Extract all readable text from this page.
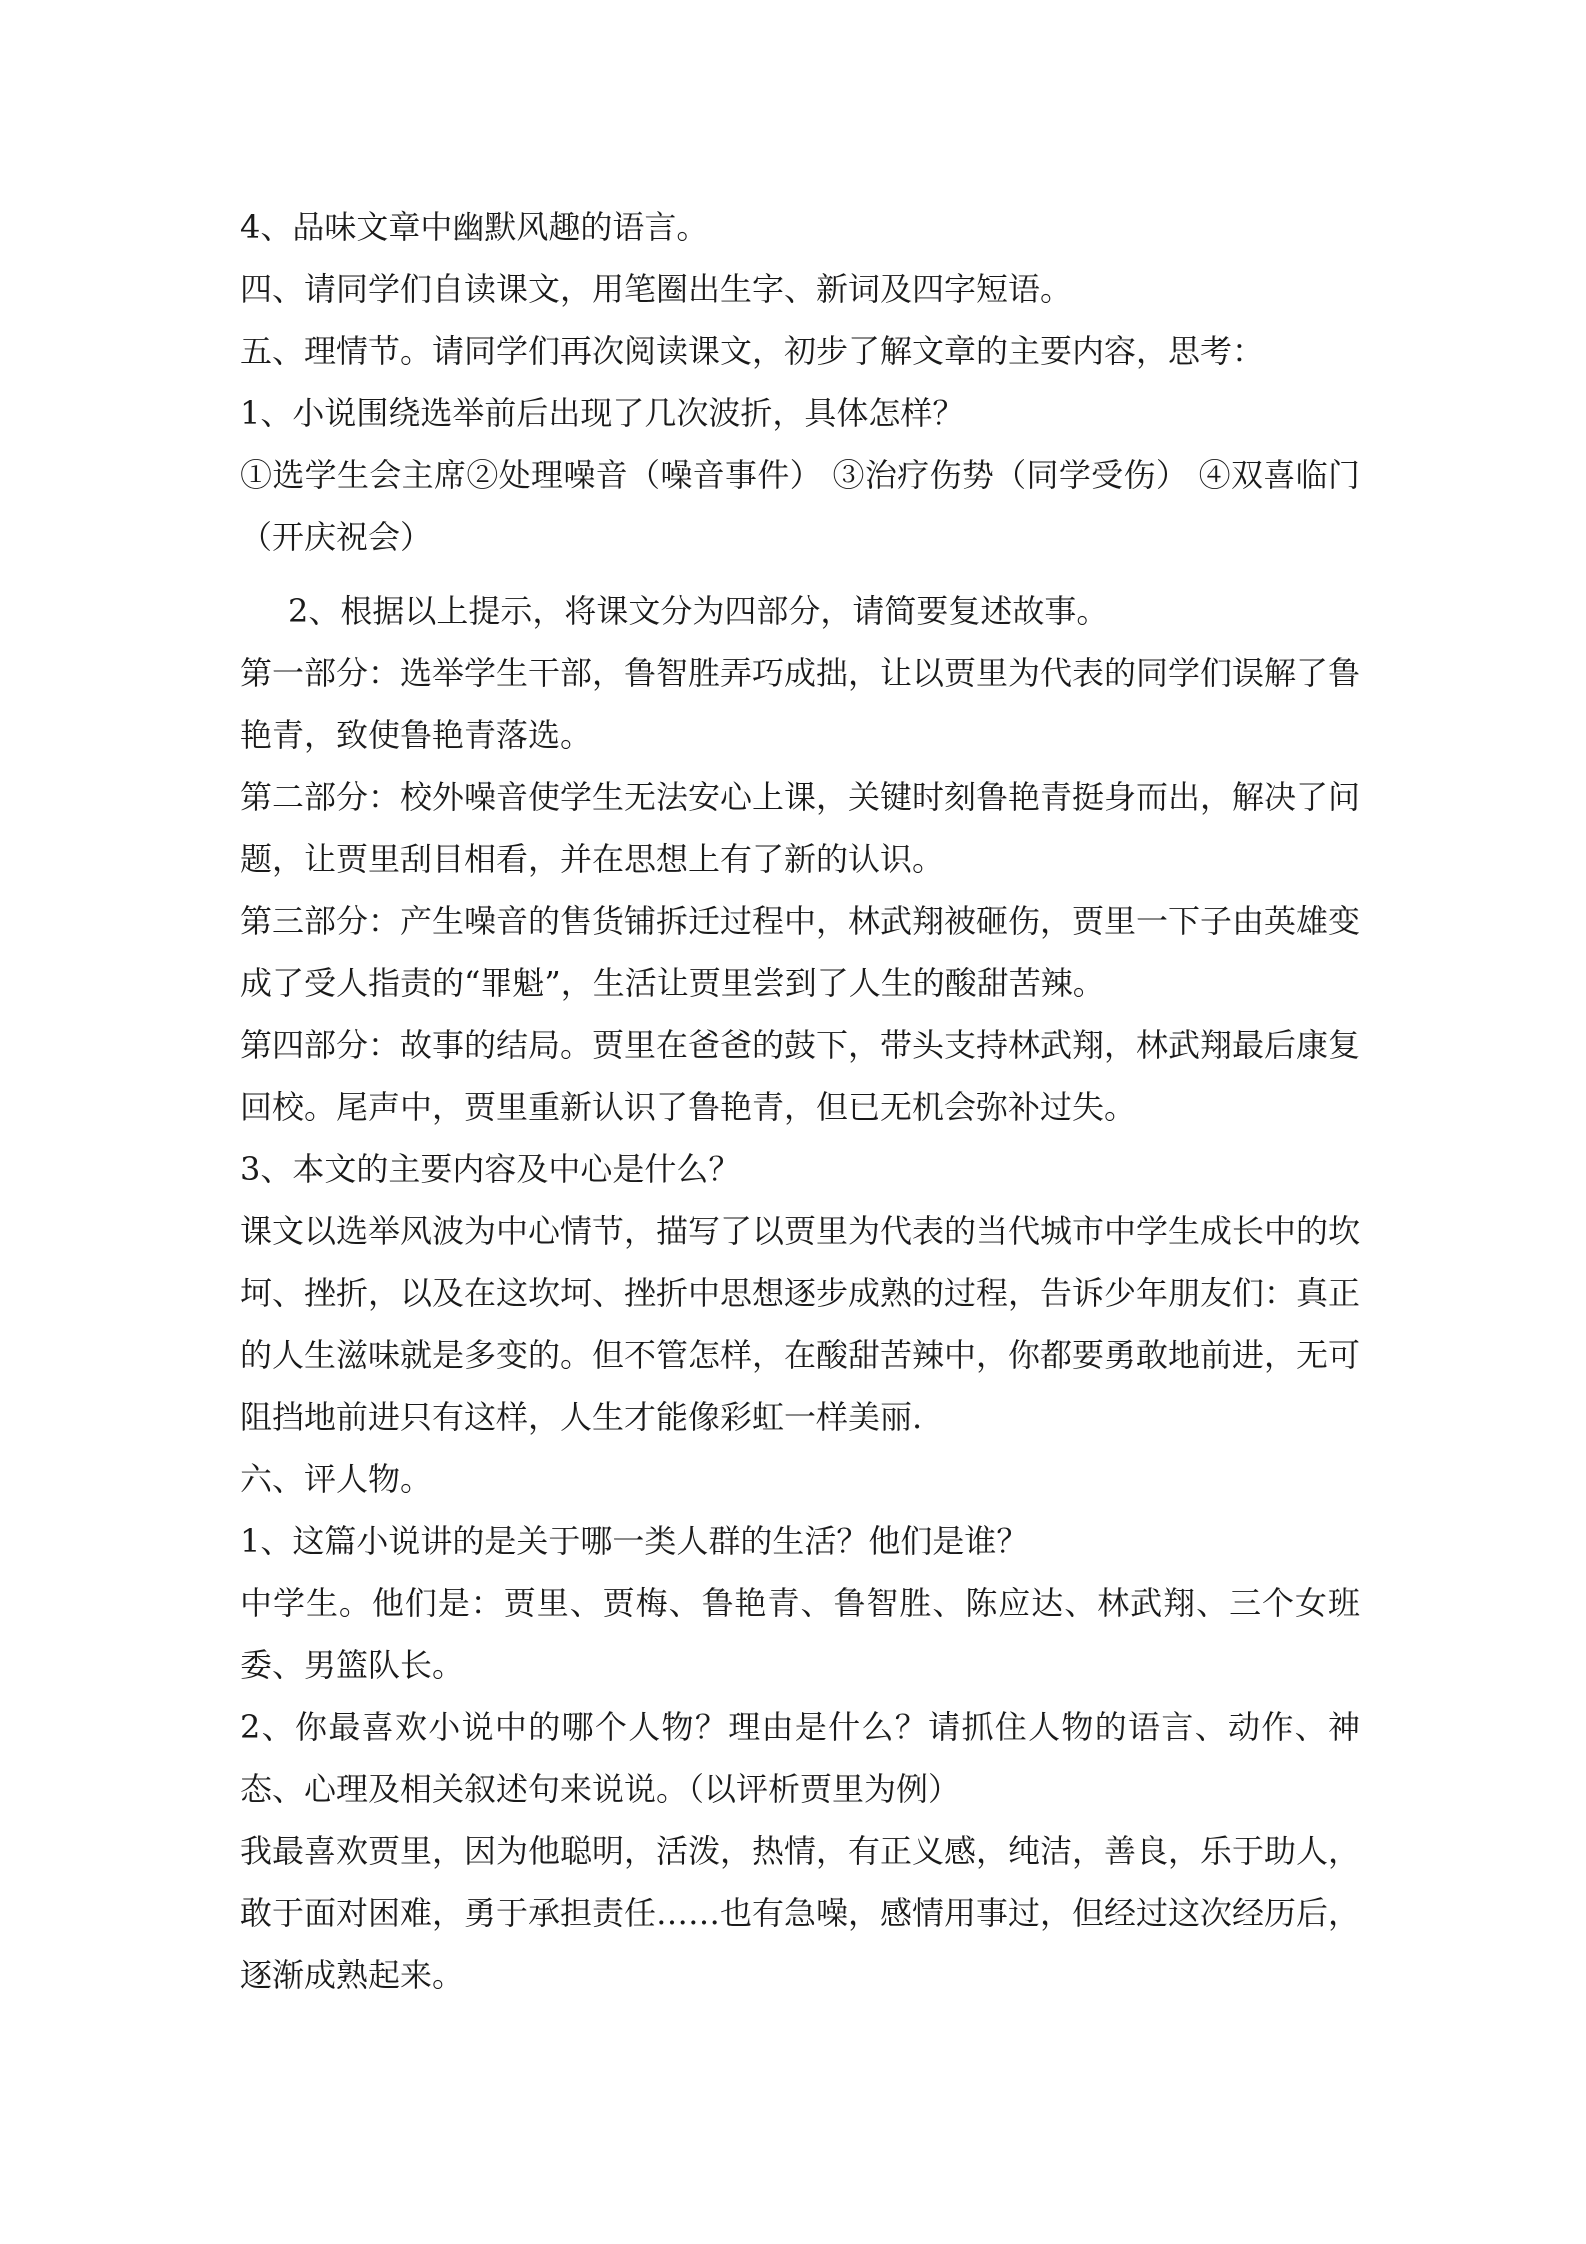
4、品味文章中幽默风趣的语言。

四、请同学们自读课文，用笔圈出生字、新词及四字短语。

五、理情节。请同学们再次阅读课文，初步了解文章的主要内容，思考：

1、小说围绕选举前后出现了几次波折，具体怎样？

①选学生会主席②处理噪音（噪音事件） ③治疗伤势（同学受伤） ④双喜临门（开庆祝会）

2、根据以上提示，将课文分为四部分，请简要复述故事。

第一部分：选举学生干部，鲁智胜弄巧成拙，让以贾里为代表的同学们误解了鲁艳青，致使鲁艳青落选。

第二部分：校外噪音使学生无法安心上课，关键时刻鲁艳青挺身而出，解决了问题，让贾里刮目相看，并在思想上有了新的认识。

第三部分：产生噪音的售货铺拆迁过程中，林武翔被砸伤，贾里一下子由英雄变成了受人指责的“罪魁”，生活让贾里尝到了人生的酸甜苦辣。

第四部分：故事的结局。贾里在爸爸的鼓下，带头支持林武翔，林武翔最后康复回校。尾声中，贾里重新认识了鲁艳青，但已无机会弥补过失。

3、本文的主要内容及中心是什么？

课文以选举风波为中心情节，描写了以贾里为代表的当代城市中学生成长中的坎坷、挫折，以及在这坎坷、挫折中思想逐步成熟的过程，告诉少年朋友们：真正的人生滋味就是多变的。但不管怎样，在酸甜苦辣中，你都要勇敢地前进，无可阻挡地前进只有这样，人生才能像彩虹一样美丽.

六、评人物。

1、这篇小说讲的是关于哪一类人群的生活？他们是谁？

中学生。他们是：贾里、贾梅、鲁艳青、鲁智胜、陈应达、林武翔、三个女班委、男篮队长。

2、你最喜欢小说中的哪个人物？理由是什么？请抓住人物的语言、动作、神态、心理及相关叙述句来说说。（以评析贾里为例）

我最喜欢贾里，因为他聪明，活泼，热情，有正义感，纯洁，善良，乐于助人，敢于面对困难，勇于承担责任……也有急噪，感情用事过，但经过这次经历后，逐渐成熟起来。
